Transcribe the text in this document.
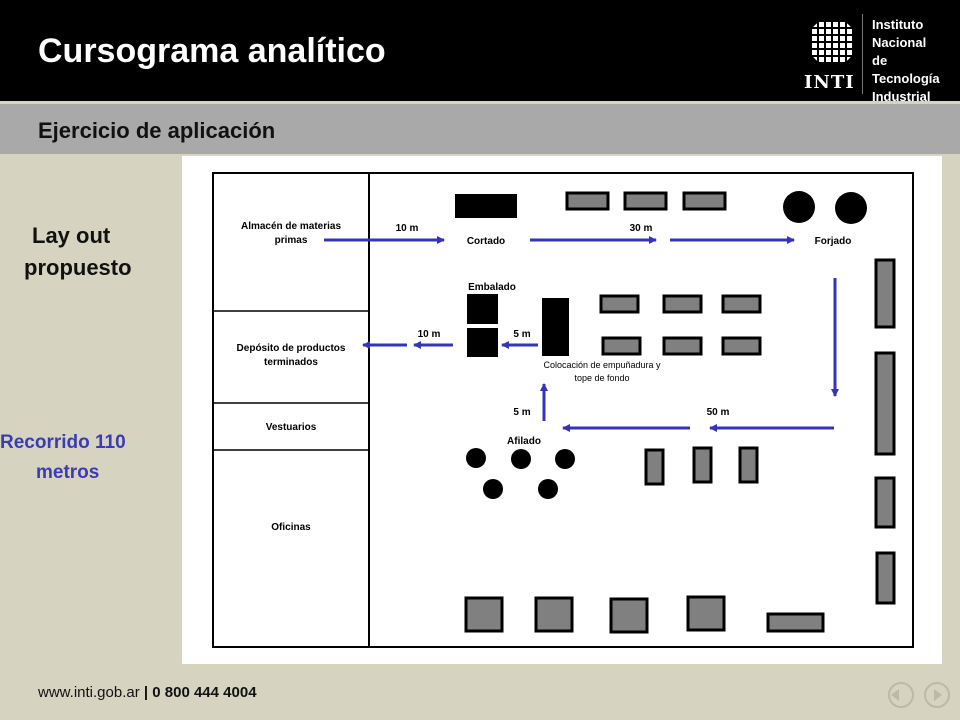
Cursograma analítico
INTI
Instituto
Nacional
de Tecnología
Industrial
Ejercicio de aplicación
Lay out
propuesto
Recorrido 110
metros
Almacén de materias
primas
Depósito de productos
terminados
Vestuarios
Oficinas
Cortado	Forjado
Embalado
Colocación de empuñadura y
tope de fondo
Afilado
10 m	30 m
10 m	5 m
5 m	50 m
www.inti.gob.ar | 0 800 444 4004
